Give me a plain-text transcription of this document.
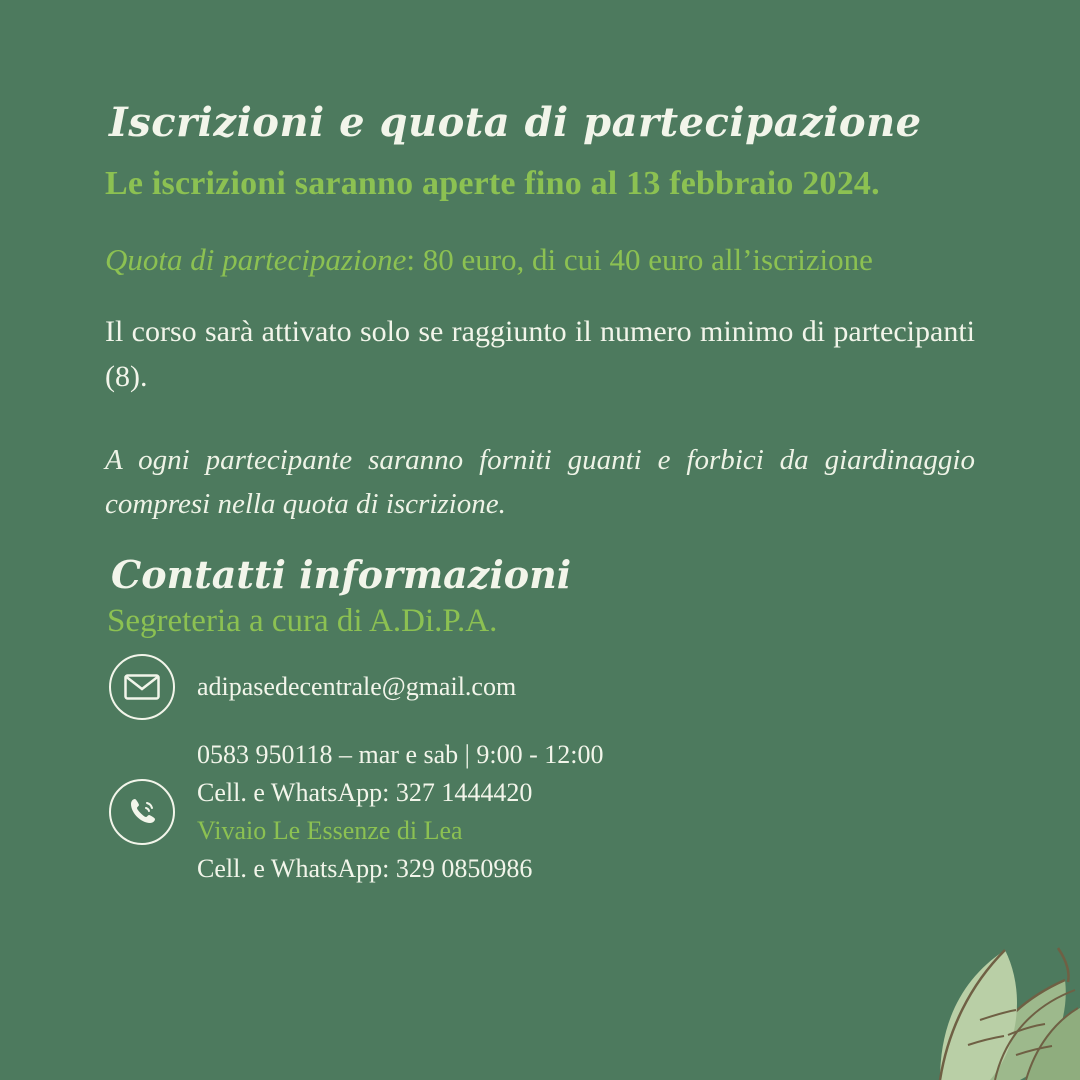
Iscrizioni e quota di partecipazione

Le iscrizioni saranno aperte fino al 13 febbraio 2024.

Quota di partecipazione: 80 euro, di cui 40 euro all’iscrizione

Il corso sarà attivato solo se raggiunto il numero minimo di partecipanti (8).

A ogni partecipante saranno forniti guanti e forbici da giardinaggio compresi nella quota di iscrizione.

Contatti informazioni

Segreteria a cura di A.Di.P.A.

adipasedecentrale@gmail.com
0583 950118 – mar e sab | 9:00 - 12:00
Cell. e WhatsApp: 327 1444420
Vivaio Le Essenze di Lea
Cell. e WhatsApp: 329 0850986
